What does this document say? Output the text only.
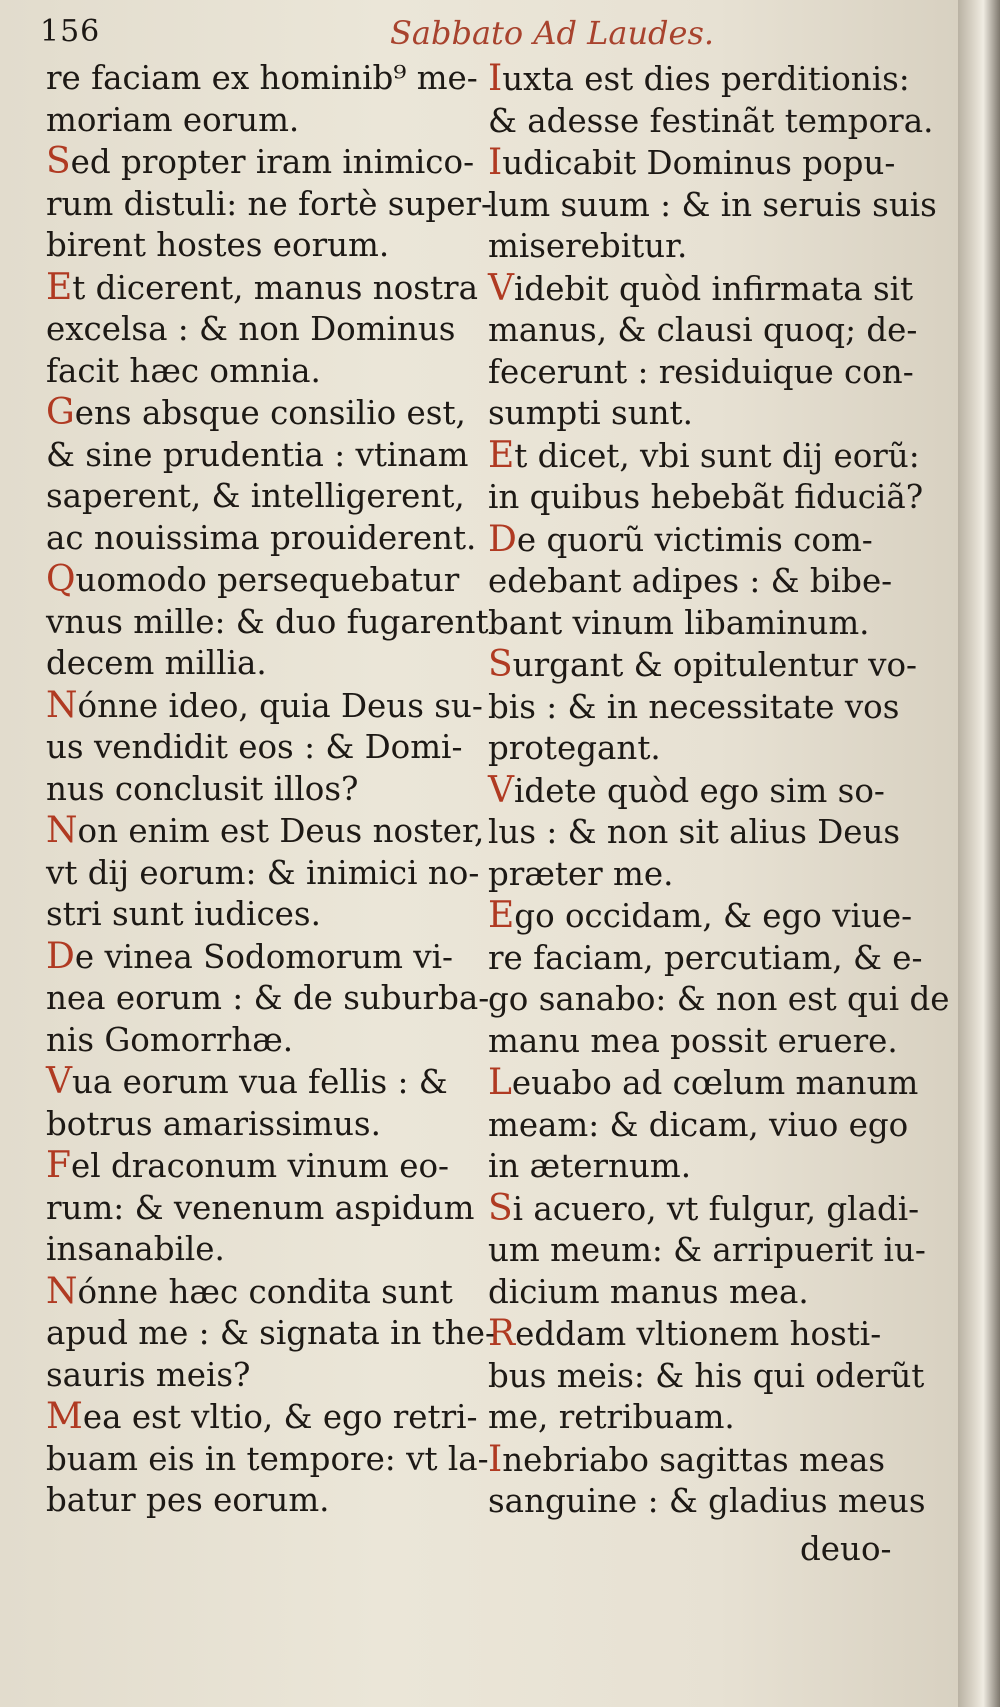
156	Sabbato Ad Laudes.
re faciam ex hominib⁹ me-
moriam eorum.
Sed propter iram inimico-
rum distuli: ne fortè super-
birent hostes eorum.
Et dicerent, manus nostra
excelsa : & non Dominus
facit hæc omnia.
Gens absque consilio est,
& sine prudentia : vtinam
saperent, & intelligerent,
ac nouissima prouiderent.
Quomodo persequebatur
vnus mille: & duo fugarent
decem millia.
Nónne ideo, quia Deus su-
us vendidit eos : & Domi-
nus conclusit illos?
Non enim est Deus noster,
vt dij eorum: & inimici no-
stri sunt iudices.
De vinea Sodomorum vi-
nea eorum : & de suburba-
nis Gomorrhæ.
Vua eorum vua fellis : &
botrus amarissimus.
Fel draconum vinum eo-
rum: & venenum aspidum
insanabile.
Nónne hæc condita sunt
apud me : & signata in the-
sauris meis?
Mea est vltio, & ego retri-
buam eis in tempore: vt la-
batur pes eorum.
Iuxta est dies perditionis:
& adesse festinãt tempora.
Iudicabit Dominus popu-
lum suum : & in seruis suis
miserebitur.
Videbit quòd infirmata sit
manus, & clausi quoq; de-
fecerunt : residuique con-
sumpti sunt.
Et dicet, vbi sunt dij eorũ:
in quibus hebebãt fiduciã?
De quorũ victimis com-
edebant adipes : & bibe-
bant vinum libaminum.
Surgant & opitulentur vo-
bis : & in necessitate vos
protegant.
Videte quòd ego sim so-
lus : & non sit alius Deus
præter me.
Ego occidam, & ego viue-
re faciam, percutiam, & e-
go sanabo: & non est qui de
manu mea possit eruere.
Leuabo ad cœlum manum
meam: & dicam, viuo ego
in æternum.
Si acuero, vt fulgur, gladi-
um meum: & arripuerit iu-
dicium manus mea.
Reddam vltionem hosti-
bus meis: & his qui oderũt
me, retribuam.
Inebriabo sagittas meas
sanguine : & gladius meus
deuo-
